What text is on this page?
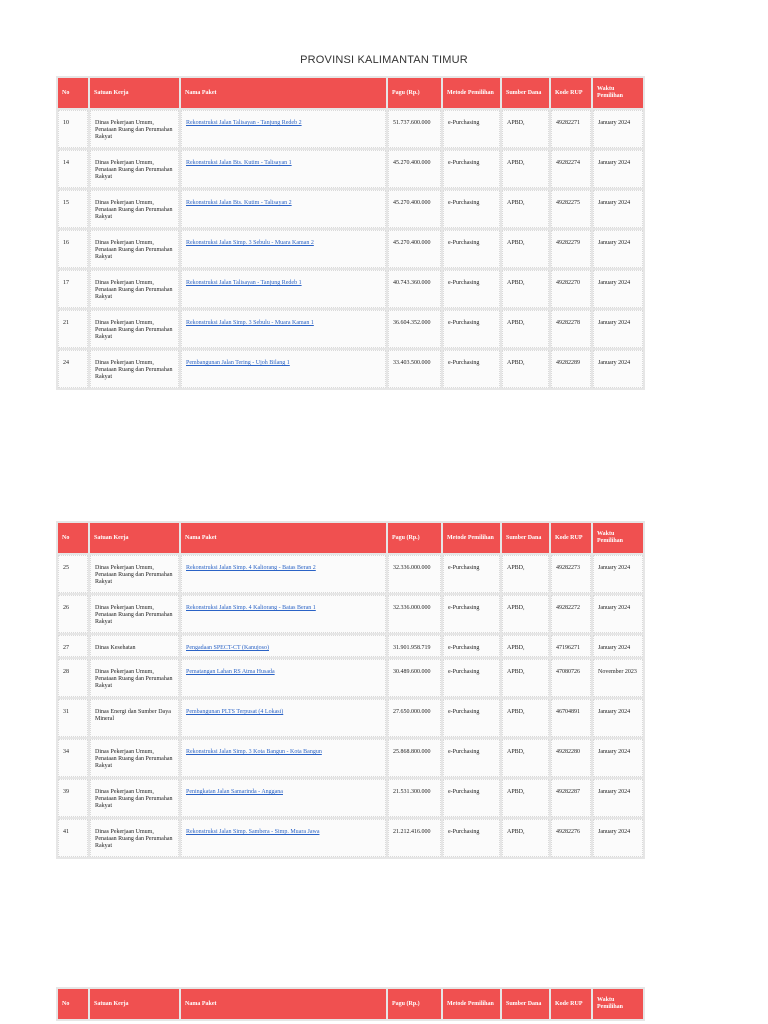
PROVINSI KALIMANTAN TIMUR
No	Satuan Kerja	Nama Paket	Pagu (Rp.)	Metode Pemilihan	Sumber Dana	Kode RUP	Waktu Pemilihan
10	Dinas Pekerjaan Umum, Penataan Ruang dan Perumahan Rakyat	Rekonstruksi Jalan Talisayan - Tanjung Redeb 2	51.737.600.000	e-Purchasing	APBD,	49282271	January 2024
14	Dinas Pekerjaan Umum, Penataan Ruang dan Perumahan Rakyat	Rekonstruksi Jalan Bts. Kutim - Talisayan 1	45.270.400.000	e-Purchasing	APBD,	49282274	January 2024
15	Dinas Pekerjaan Umum, Penataan Ruang dan Perumahan Rakyat	Rekonstruksi Jalan Bts. Kutim - Talisayan 2	45.270.400.000	e-Purchasing	APBD,	49282275	January 2024
16	Dinas Pekerjaan Umum, Penataan Ruang dan Perumahan Rakyat	Rekonstruksi Jalan Simp. 3 Sebulu - Muara Kaman 2	45.270.400.000	e-Purchasing	APBD,	49282279	January 2024
17	Dinas Pekerjaan Umum, Penataan Ruang dan Perumahan Rakyat	Rekonstruksi Jalan Talisayan - Tanjung Redeb 1	40.743.360.000	e-Purchasing	APBD,	49282270	January 2024
21	Dinas Pekerjaan Umum, Penataan Ruang dan Perumahan Rakyat	Rekonstruksi Jalan Simp. 3 Sebulu - Muara Kaman 1	36.604.352.000	e-Purchasing	APBD,	49282278	January 2024
24	Dinas Pekerjaan Umum, Penataan Ruang dan Perumahan Rakyat	Pembangunan Jalan Tering - Ujoh Bilang 1	33.403.500.000	e-Purchasing	APBD,	49282289	January 2024
No	Satuan Kerja	Nama Paket	Pagu (Rp.)	Metode Pemilihan	Sumber Dana	Kode RUP	Waktu Pemilihan
25	Dinas Pekerjaan Umum, Penataan Ruang dan Perumahan Rakyat	Rekonstruksi Jalan Simp. 4 Kaliorang - Batas Beran 2	32.336.000.000	e-Purchasing	APBD,	49282273	January 2024
26	Dinas Pekerjaan Umum, Penataan Ruang dan Perumahan Rakyat	Rekonstruksi Jalan Simp. 4 Kaliorang - Batas Beran 1	32.336.000.000	e-Purchasing	APBD,	49282272	January 2024
27	Dinas Kesehatan	Pengadaan SPECT-CT (Kanujoso)	31.901.958.719	e-Purchasing	APBD,	47196271	January 2024
28	Dinas Pekerjaan Umum, Penataan Ruang dan Perumahan Rakyat	Pematangan Lahan RS Atma Husada	30.489.600.000	e-Purchasing	APBD,	47080726	November 2023
31	Dinas Energi dan Sumber Daya Mineral	Pembangunan PLTS Terpusat (4 Lokasi)	27.650.000.000	e-Purchasing	APBD,	46704891	January 2024
34	Dinas Pekerjaan Umum, Penataan Ruang dan Perumahan Rakyat	Rekonstruksi Jalan Simp. 3 Kota Bangun - Kota Bangun	25.868.800.000	e-Purchasing	APBD,	49282280	January 2024
39	Dinas Pekerjaan Umum, Penataan Ruang dan Perumahan Rakyat	Peningkatan Jalan Samarinda - Anggana	21.531.300.000	e-Purchasing	APBD,	49282287	January 2024
41	Dinas Pekerjaan Umum, Penataan Ruang dan Perumahan Rakyat	Rekonstruksi Jalan Simp. Sambera - Simp. Muara Jawa	21.212.416.000	e-Purchasing	APBD,	49282276	January 2024
No	Satuan Kerja	Nama Paket	Pagu (Rp.)	Metode Pemilihan	Sumber Dana	Kode RUP	Waktu Pemilihan
